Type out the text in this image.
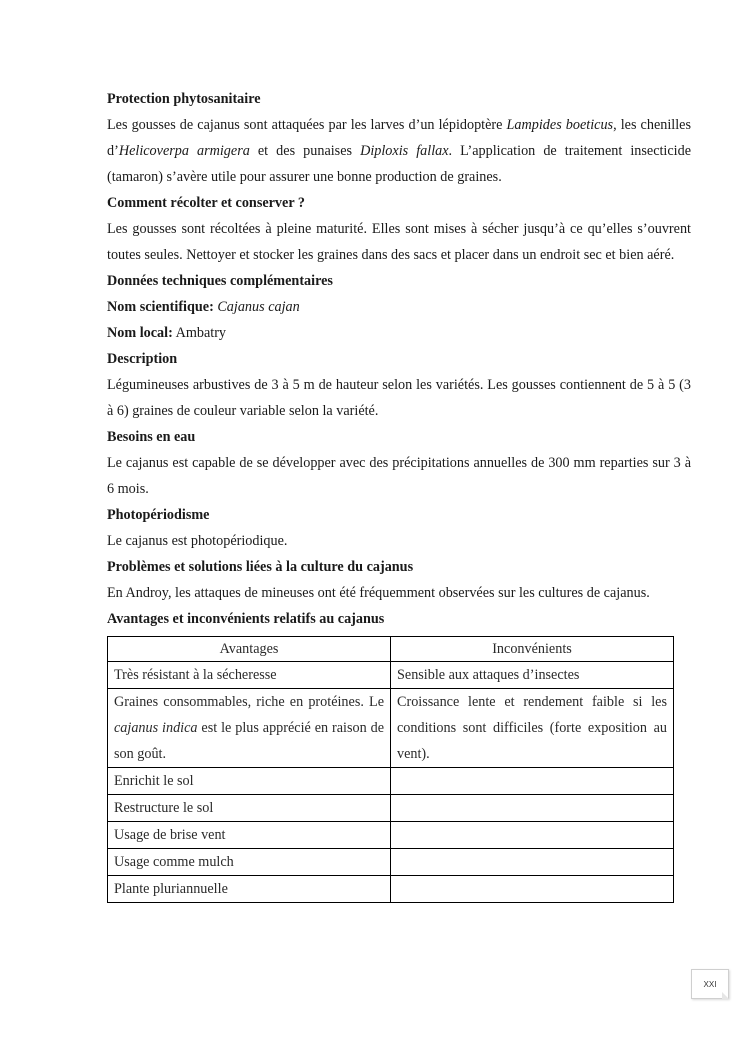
Protection phytosanitaire

Les gousses de cajanus sont attaquées par les larves d’un lépidoptère Lampides boeticus, les chenilles d’Helicoverpa armigera et des punaises Diploxis fallax. L’application de traitement insecticide (tamaron) s’avère utile pour assurer une bonne production de graines.

Comment récolter et conserver ?

Les gousses sont récoltées à pleine maturité. Elles sont mises à sécher jusqu’à ce qu’elles s’ouvrent toutes seules. Nettoyer et stocker les graines dans des sacs et placer dans un endroit sec et bien aéré.

Données techniques complémentaires

Nom scientifique: Cajanus cajan

Nom local: Ambatry

Description

Légumineuses arbustives de 3 à 5 m de hauteur selon les variétés. Les gousses contiennent de 5 à 5 (3 à 6) graines de couleur variable selon la variété.

Besoins en eau

Le cajanus est capable de se développer avec des précipitations annuelles de 300 mm reparties sur 3 à 6 mois.

Photopériodisme

Le cajanus est photopériodique.

Problèmes et solutions liées à la culture du cajanus

En Androy, les attaques de mineuses ont été fréquemment observées sur les cultures de cajanus.

Avantages et inconvénients relatifs au cajanus

Avantages	Inconvénients
Très résistant à la sécheresse	Sensible aux attaques d’insectes
Graines consommables, riche en protéines. Le cajanus indica est le plus apprécié en raison de son goût.	Croissance lente et rendement faible si les conditions sont difficiles (forte exposition au vent).
Enrichit le sol	
Restructure le sol	
Usage de brise vent	
Usage comme mulch	
Plante pluriannuelle	
XXI
